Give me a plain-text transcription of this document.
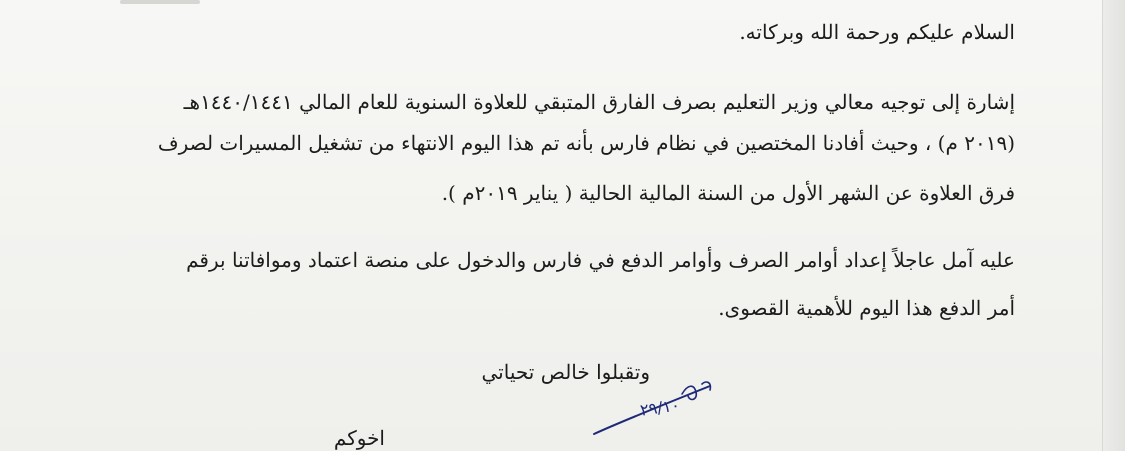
السلام عليكم ورحمة الله وبركاته.
إشارة إلى توجيه معالي وزير التعليم بصرف الفارق المتبقي للعلاوة السنوية للعام المالي ١٤٤٠/١٤٤١هـ
(٢٠١٩ م) ، وحيث أفادنا المختصين في نظام فارس بأنه تم هذا اليوم الانتهاء من تشغيل المسيرات لصرف
فرق العلاوة عن الشهر الأول من السنة المالية الحالية ( يناير ٢٠١٩م ).
عليه آمل عاجلاً إعداد أوامر الصرف وأوامر الدفع في فارس والدخول على منصة اعتماد وموافاتنا برقم
أمر الدفع هذا اليوم للأهمية القصوى.
وتقبلوا خالص تحياتي
٢٩/١٠
اخوكم
